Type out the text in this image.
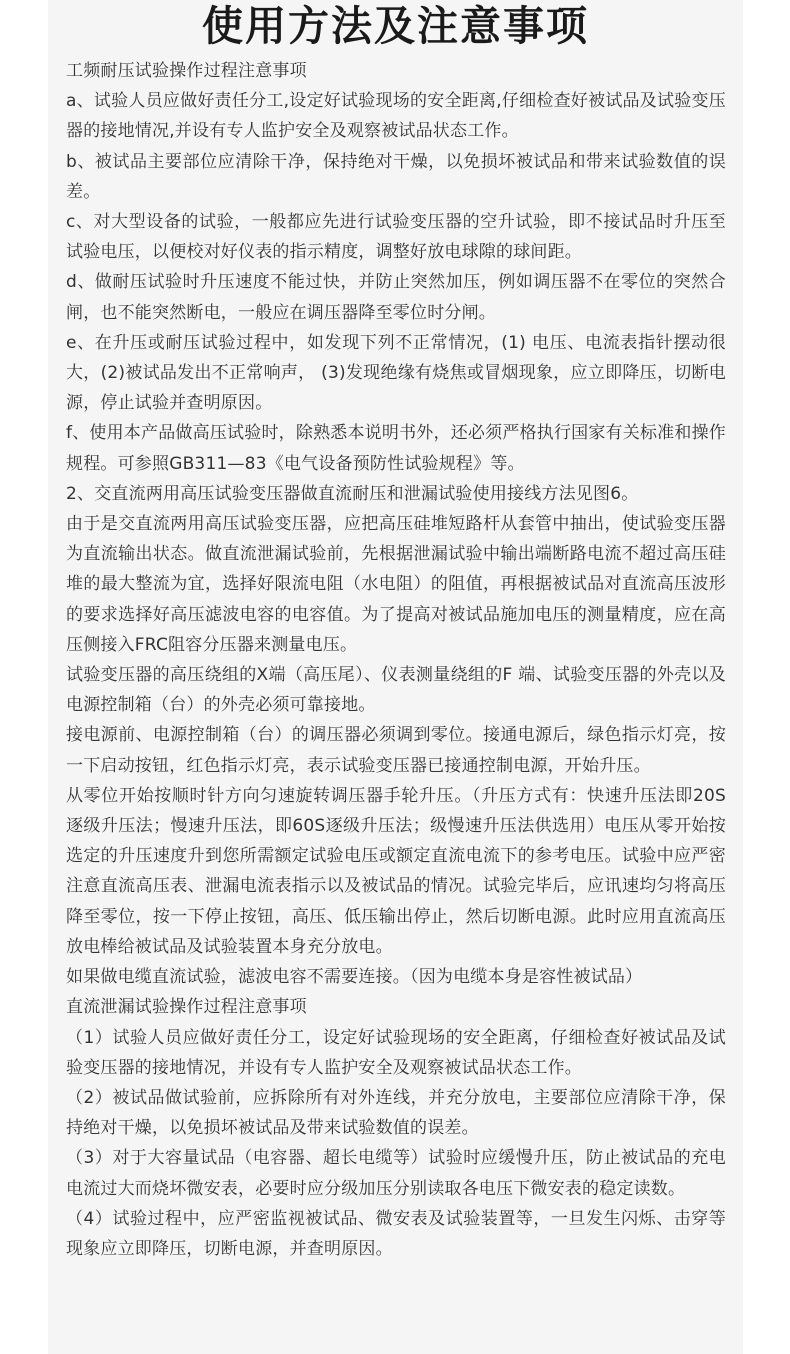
使用方法及注意事项
工频耐压试验操作过程注意事项
a、试验人员应做好责任分工,设定好试验现场的安全距离,仔细检查好被试品及试验变压器的接地情况,并设有专人监护安全及观察被试品状态工作。
b、被试品主要部位应清除干净，保持绝对干燥，以免损坏被试品和带来试验数值的误差。
c、对大型设备的试验，一般都应先进行试验变压器的空升试验，即不接试品时升压至试验电压，以便校对好仪表的指示精度，调整好放电球隙的球间距。
d、做耐压试验时升压速度不能过快，并防止突然加压，例如调压器不在零位的突然合闸，也不能突然断电，一般应在调压器降至零位时分闸。
e、在升压或耐压试验过程中，如发现下列不正常情况，(1) 电压、电流表指针摆动很大，(2)被试品发出不正常响声， (3)发现绝缘有烧焦或冒烟现象，应立即降压，切断电源，停止试验并查明原因。
f、使用本产品做高压试验时，除熟悉本说明书外，还必须严格执行国家有关标准和操作规程。可参照GB311—83《电气设备预防性试验规程》等。
2、交直流两用高压试验变压器做直流耐压和泄漏试验使用接线方法见图6。
由于是交直流两用高压试验变压器，应把高压硅堆短路杆从套管中抽出，使试验变压器为直流输出状态。做直流泄漏试验前，先根据泄漏试验中输出端断路电流不超过高压硅堆的最大整流为宜，选择好限流电阻（水电阻）的阻值，再根据被试品对直流高压波形的要求选择好高压滤波电容的电容值。为了提高对被试品施加电压的测量精度，应在高压侧接入FRC阻容分压器来测量电压。
试验变压器的高压绕组的X端（高压尾）、仪表测量绕组的F 端、试验变压器的外壳以及电源控制箱（台）的外壳必须可靠接地。
接电源前、电源控制箱（台）的调压器必须调到零位。接通电源后，绿色指示灯亮，按一下启动按钮，红色指示灯亮，表示试验变压器已接通控制电源，开始升压。
从零位开始按顺时针方向匀速旋转调压器手轮升压。（升压方式有：快速升压法即20S逐级升压法；慢速升压法，即60S逐级升压法；级慢速升压法供选用）电压从零开始按选定的升压速度升到您所需额定试验电压或额定直流电流下的参考电压。试验中应严密注意直流高压表、泄漏电流表指示以及被试品的情况。试验完毕后，应讯速均匀将高压降至零位，按一下停止按钮，高压、低压输出停止，然后切断电源。此时应用直流高压放电棒给被试品及试验装置本身充分放电。
如果做电缆直流试验，滤波电容不需要连接。（因为电缆本身是容性被试品）
直流泄漏试验操作过程注意事项
（1）试验人员应做好责任分工，设定好试验现场的安全距离，仔细检查好被试品及试验变压器的接地情况，并设有专人监护安全及观察被试品状态工作。
（2）被试品做试验前，应拆除所有对外连线，并充分放电，主要部位应清除干净，保持绝对干燥，以免损坏被试品及带来试验数值的误差。
（3）对于大容量试品（电容器、超长电缆等）试验时应缓慢升压，防止被试品的充电电流过大而烧坏微安表，必要时应分级加压分别读取各电压下微安表的稳定读数。
（4）试验过程中，应严密监视被试品、微安表及试验装置等，一旦发生闪烁、击穿等现象应立即降压，切断电源，并查明原因。
